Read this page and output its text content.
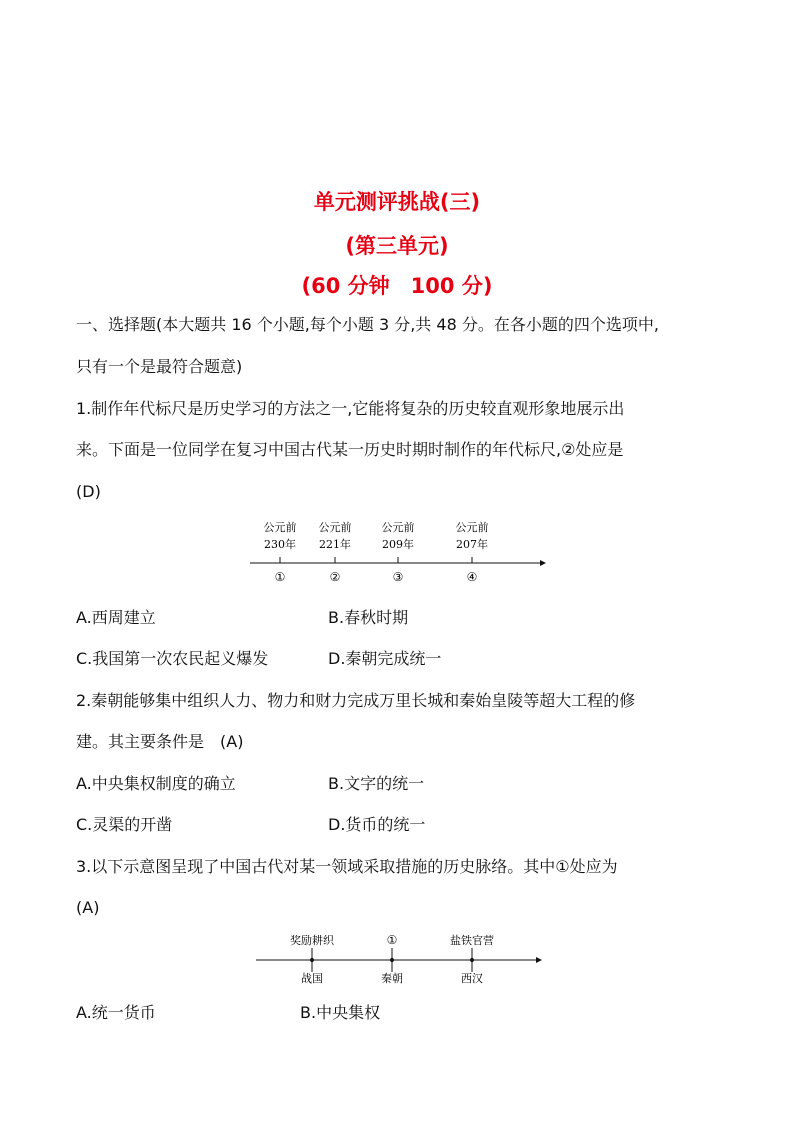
单元测评挑战(三)
(第三单元)
(60 分钟　100 分)
一、选择题(本大题共 16 个小题,每个小题 3 分,共 48 分。在各小题的四个选项中,
只有一个是最符合题意)
1.制作年代标尺是历史学习的方法之一,它能将复杂的历史较直观形象地展示出
来。下面是一位同学在复习中国古代某一历史时期时制作的年代标尺,②处应是
(D)
公元前
230年
①
公元前
221年
②
公元前
209年
③
公元前
207年
④
A.西周建立	B.春秋时期
C.我国第一次农民起义爆发	D.秦朝完成统一
2.秦朝能够集中组织人力、物力和财力完成万里长城和秦始皇陵等超大工程的修
建。其主要条件是　(A)
A.中央集权制度的确立	B.文字的统一
C.灵渠的开凿	D.货币的统一
3.以下示意图呈现了中国古代对某一领域采取措施的历史脉络。其中①处应为
(A)
奖励耕织
战国
①
秦朝
盐铁官营
西汉
A.统一货币	B.中央集权
